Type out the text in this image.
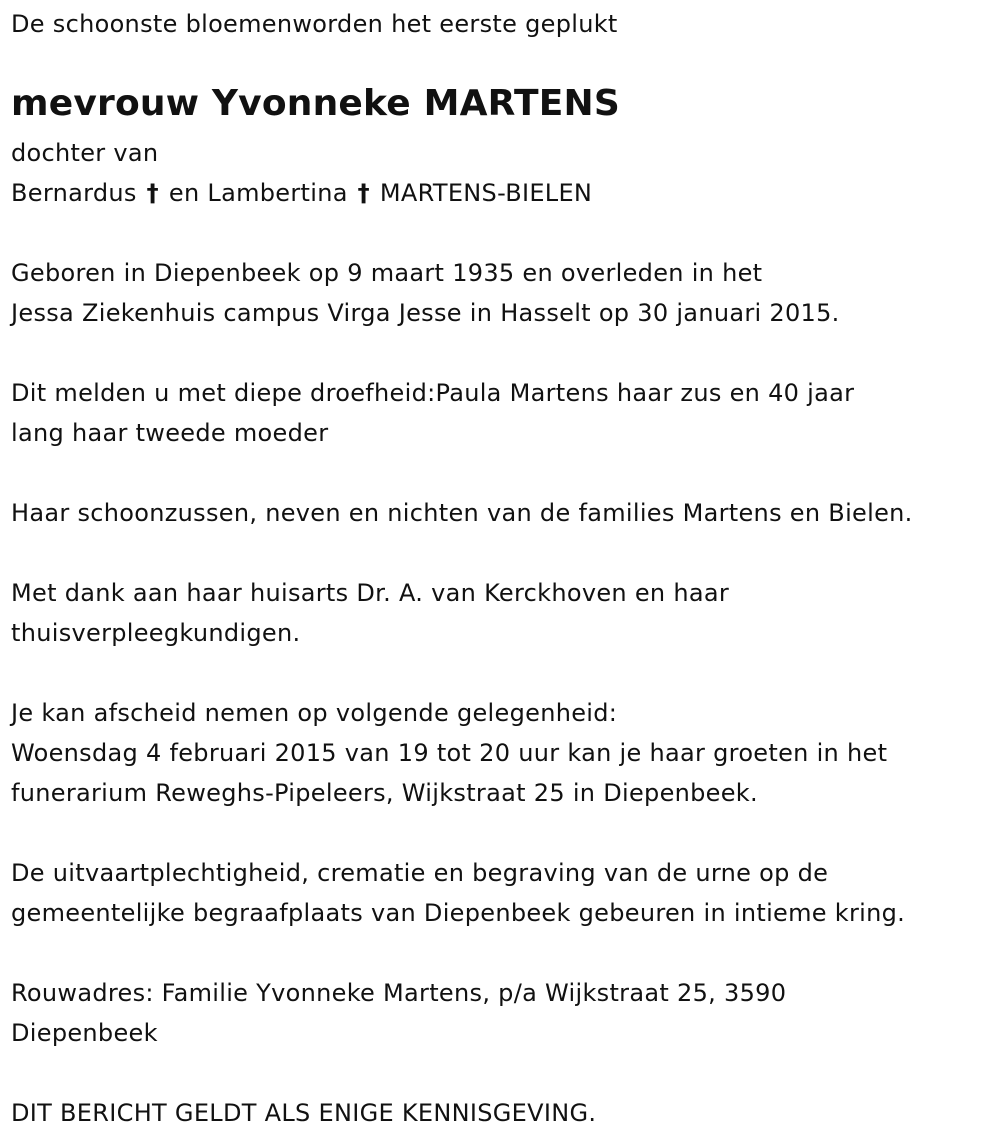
De schoonste bloemenworden het eerste geplukt

mevrouw Yvonneke MARTENS

dochter van

Bernardus † en Lambertina † MARTENS-BIELEN

Geboren in Diepenbeek op 9 maart 1935 en overleden in het

Jessa Ziekenhuis campus Virga Jesse in Hasselt op 30 januari 2015.

Dit melden u met diepe droefheid:Paula Martens haar zus en 40 jaar

lang haar tweede moeder

Haar schoonzussen, neven en nichten van de families Martens en Bielen.

Met dank aan haar huisarts Dr. A. van Kerckhoven en haar

thuisverpleegkundigen.

Je kan afscheid nemen op volgende gelegenheid:

Woensdag 4 februari 2015 van 19 tot 20 uur kan je haar groeten in het

funerarium Reweghs-Pipeleers, Wijkstraat 25 in Diepenbeek.

De uitvaartplechtigheid, crematie en begraving van de urne op de

gemeentelijke begraafplaats van Diepenbeek gebeuren in intieme kring.

Rouwadres: Familie Yvonneke Martens, p/a Wijkstraat 25, 3590

Diepenbeek

DIT BERICHT GELDT ALS ENIGE KENNISGEVING.
